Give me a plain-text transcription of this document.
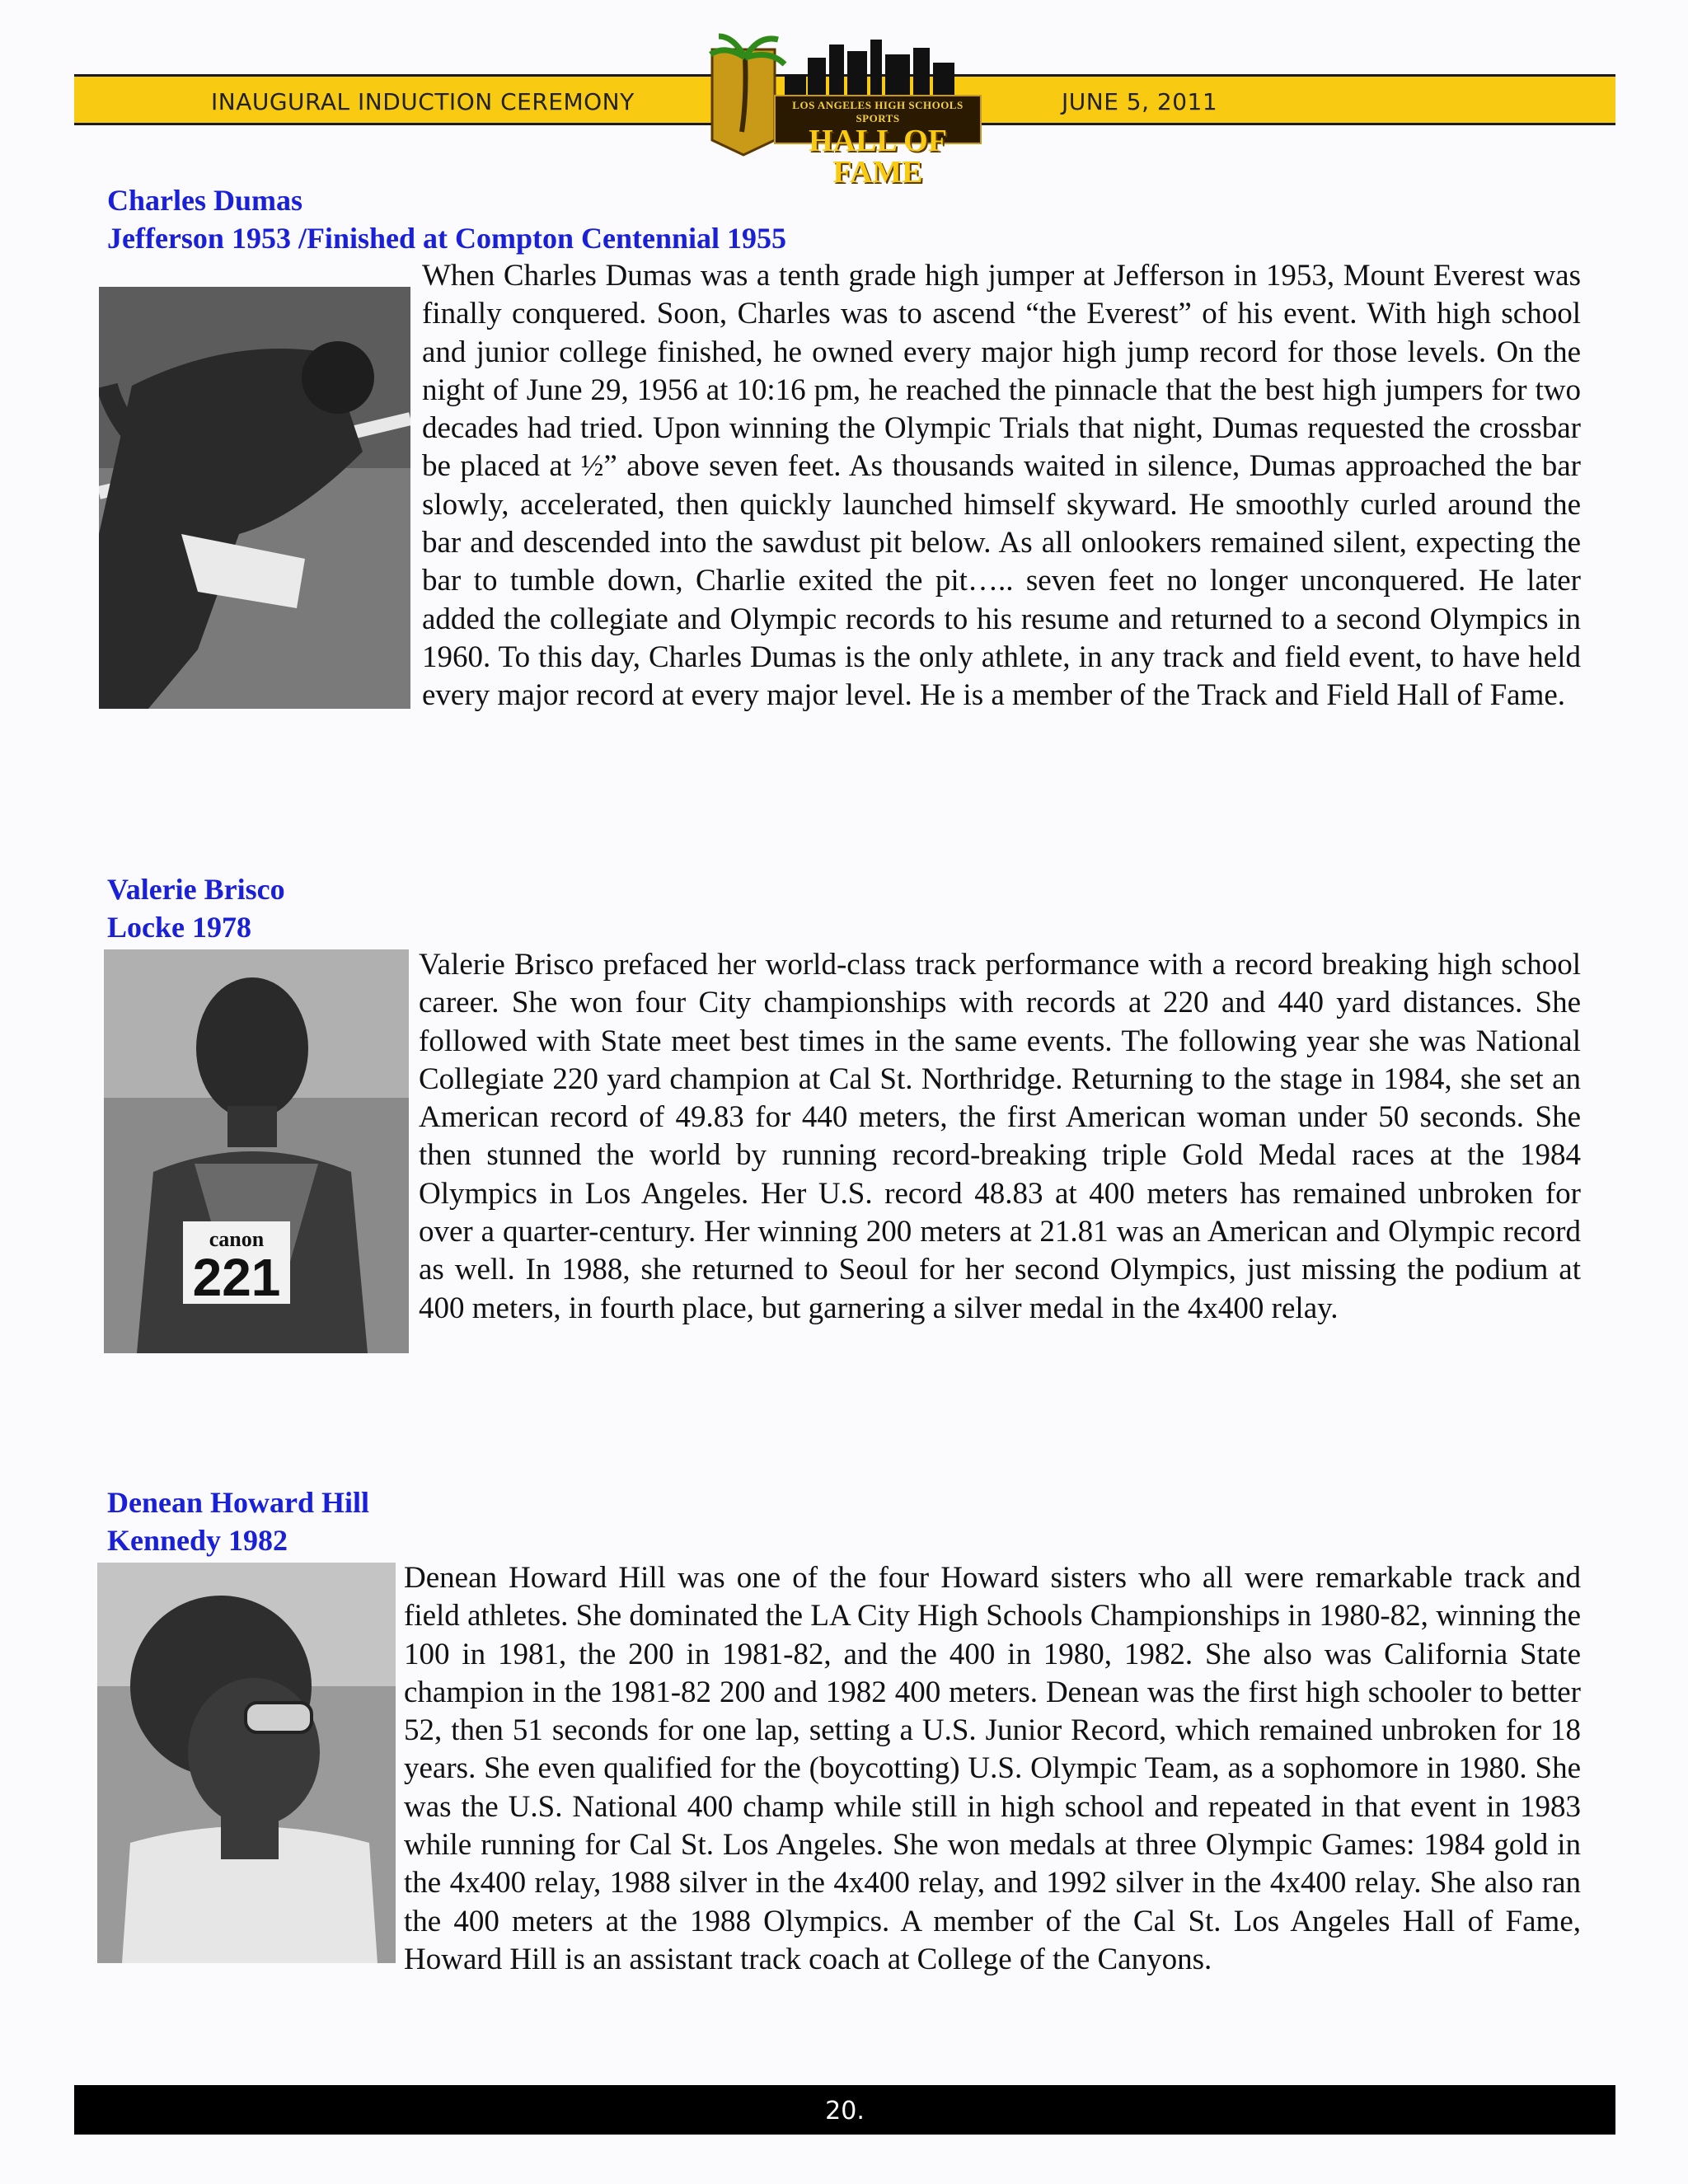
INAUGURAL INDUCTION CEREMONY	JUNE 5, 2011
LOS ANGELES HIGH SCHOOLS SPORTS
HALL OF FAME

Charles Dumas

Jefferson 1953 /Finished at Compton Centennial 1955

When Charles Dumas was a tenth grade high jumper at Jefferson in 1953, Mount Everest was finally conquered. Soon, Charles was to ascend “the Everest” of his event. With high school and junior college finished, he owned every major high jump record for those levels. On the night of June 29, 1956 at 10:16 pm, he reached the pinnacle that the best high jumpers for two decades had tried. Upon winning the Olympic Trials that night, Dumas requested the crossbar be placed at ½” above seven feet. As thousands waited in silence, Dumas approached the bar slowly, accelerated, then quickly launched himself skyward. He smoothly curled around the bar and descended into the sawdust pit below. As all onlookers remained silent, expecting the bar to tumble down, Charlie exited the pit….. seven feet no longer unconquered. He later added the collegiate and Olympic records to his resume and returned to a second Olympics in 1960. To this day, Charles Dumas is the only athlete, in any track and field event, to have held every major record at every major level. He is a member of the Track and Field Hall of Fame.

Valerie Brisco

Locke 1978

canon
221

Valerie Brisco prefaced her world-class track performance with a record breaking high school career. She won four City championships with records at 220 and 440 yard distances. She followed with State meet best times in the same events. The following year she was National Collegiate 220 yard champion at Cal St. Northridge. Returning to the stage in 1984, she set an American record of 49.83 for 440 meters, the first American woman under 50 seconds. She then stunned the world by running record-breaking triple Gold Medal races at the 1984 Olympics in Los Angeles. Her U.S. record 48.83 at 400 meters has remained unbroken for over a quarter-century. Her winning 200 meters at 21.81 was an American and Olympic record as well. In 1988, she returned to Seoul for her second Olympics, just missing the podium at 400 meters, in fourth place, but garnering a silver medal in the 4x400 relay.

Denean Howard Hill

Kennedy 1982

Denean Howard Hill was one of the four Howard sisters who all were remarkable track and field athletes. She dominated the LA City High Schools Championships in 1980-82, winning the 100 in 1981, the 200 in 1981-82, and the 400 in 1980, 1982. She also was California State champion in the 1981-82 200 and 1982 400 meters. Denean was the first high schooler to better 52, then 51 seconds for one lap, setting a U.S. Junior Record, which remained unbroken for 18 years. She even qualified for the (boycotting) U.S. Olympic Team, as a sophomore in 1980. She was the U.S. National 400 champ while still in high school and repeated in that event in 1983 while running for Cal St. Los Angeles. She won medals at three Olympic Games: 1984 gold in the 4x400 relay, 1988 silver in the 4x400 relay, and 1992 silver in the 4x400 relay. She also ran the 400 meters at the 1988 Olympics. A member of the Cal St. Los Angeles Hall of Fame, Howard Hill is an assistant track coach at College of the Canyons.

20.
